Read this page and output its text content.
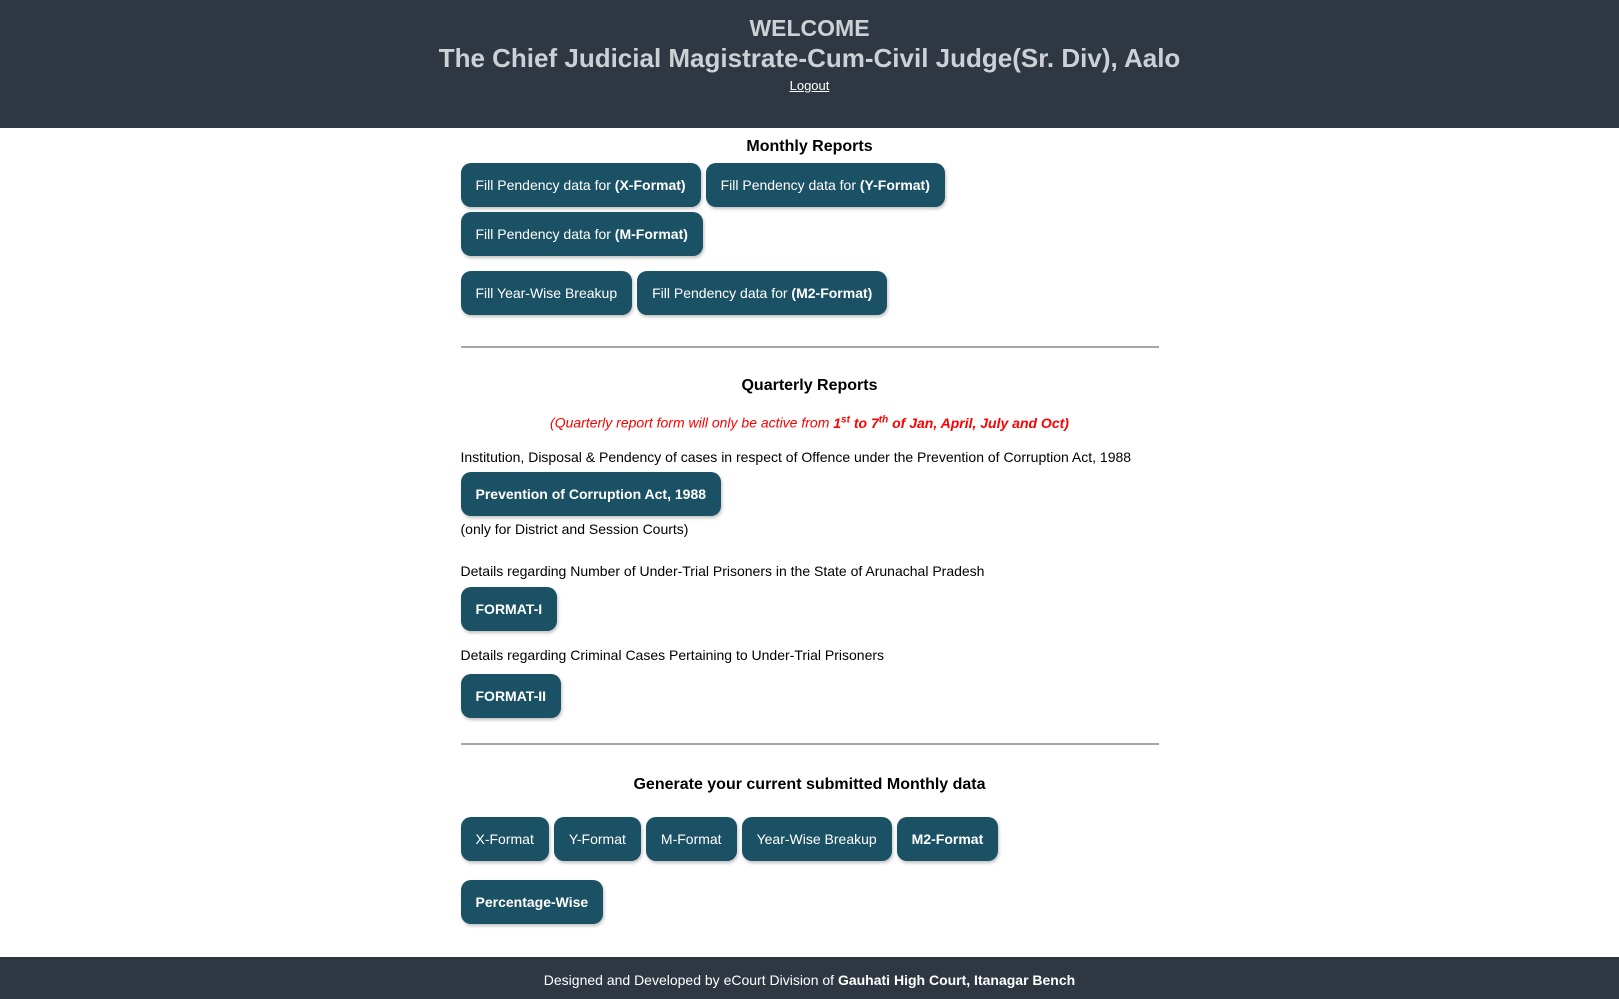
WELCOME
The Chief Judicial Magistrate-Cum-Civil Judge(Sr. Div), Aalo
Logout
Monthly Reports
Fill Pendency data for (X-Format)	Fill Pendency data for (Y-Format)
Fill Pendency data for (M-Format)
Fill Year-Wise Breakup	Fill Pendency data for (M2-Format)
Quarterly Reports
(Quarterly report form will only be active from 1st to 7th of Jan, April, July and Oct)
Institution, Disposal & Pendency of cases in respect of Offence under the Prevention of Corruption Act, 1988
Prevention of Corruption Act, 1988
(only for District and Session Courts)
Details regarding Number of Under-Trial Prisoners in the State of Arunachal Pradesh
FORMAT-I
Details regarding Criminal Cases Pertaining to Under-Trial Prisoners
FORMAT-II
Generate your current submitted Monthly data
X-Format	Y-Format	M-Format	Year-Wise Breakup	M2-Format
Percentage-Wise
Designed and Developed by eCourt Division of Gauhati High Court, Itanagar Bench
